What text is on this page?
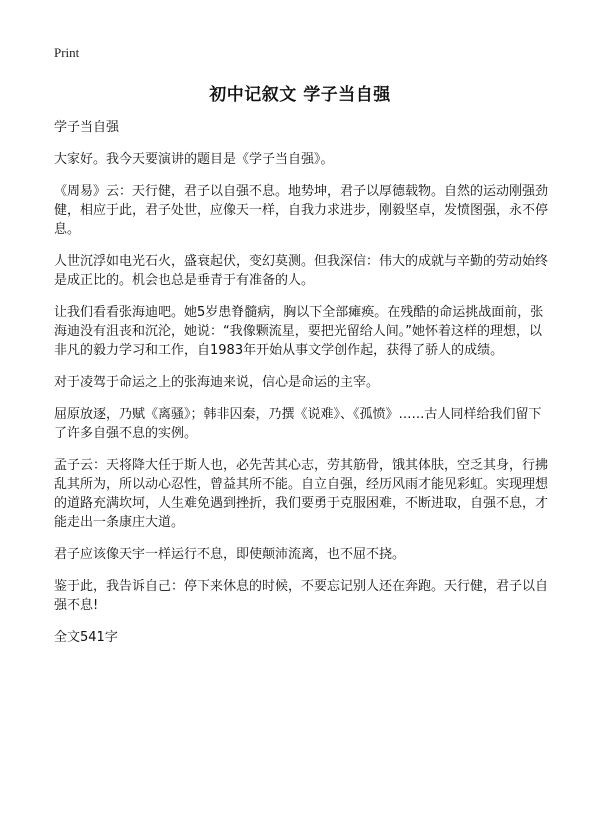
Print
初中记叙文 学子当自强

学子当自强

大家好。我今天要演讲的题目是《学子当自强》。

《周易》云：天行健，君子以自强不息。地势坤，君子以厚德载物。自然的运动刚强劲健，相应于此，君子处世，应像天一样，自我力求进步，刚毅坚卓，发愤图强，永不停息。

人世沉浮如电光石火，盛衰起伏，变幻莫测。但我深信：伟大的成就与辛勤的劳动始终是成正比的。机会也总是垂青于有准备的人。

让我们看看张海迪吧。她5岁患脊髓病，胸以下全部瘫痪。在残酷的命运挑战面前，张海迪没有沮丧和沉沦，她说：“我像颗流星，要把光留给人间。”她怀着这样的理想，以非凡的毅力学习和工作，自1983年开始从事文学创作起，获得了骄人的成绩。

对于凌驾于命运之上的张海迪来说，信心是命运的主宰。

屈原放逐，乃赋《离骚》；韩非囚秦，乃撰《说难》、《孤愤》……古人同样给我们留下了许多自强不息的实例。

孟子云：天将降大任于斯人也，必先苦其心志，劳其筋骨，饿其体肤，空乏其身，行拂乱其所为，所以动心忍性，曾益其所不能。自立自强，经历风雨才能见彩虹。实现理想的道路充满坎坷，人生难免遇到挫折，我们要勇于克服困难，不断进取，自强不息，才能走出一条康庄大道。

君子应该像天宇一样运行不息，即使颠沛流离，也不屈不挠。

鉴于此，我告诉自己：停下来休息的时候，不要忘记别人还在奔跑。天行健，君子以自强不息!

全文541字
